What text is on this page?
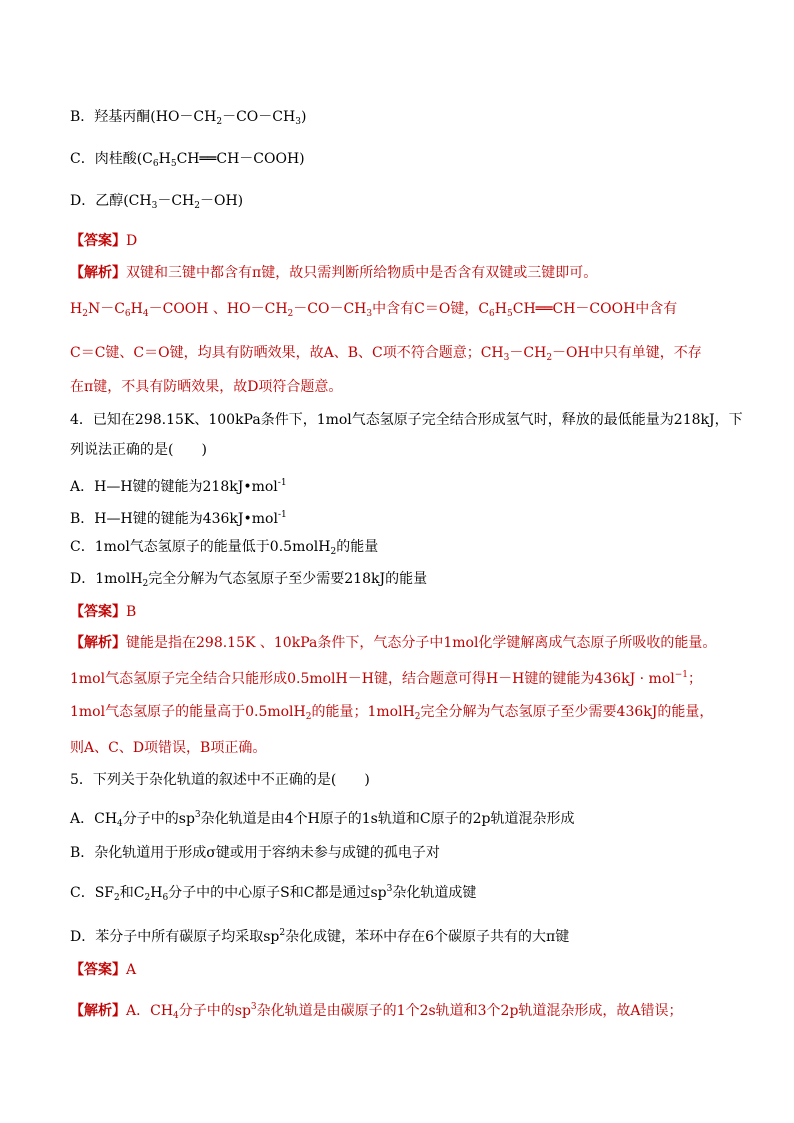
B．羟基丙酮$(HO-CH_2-CO-CH_3)$
C．肉桂酸$(C_6H_5CH══CH-COOH)$
D．乙醇$(CH_3-CH_2-OH)$
【答案】D
【解析】双键和三键中都含有π键，故只需判断所给物质中是否含有双键或三键即可。
$H_2N-C_6H_4-COOH$ 、$HO-CH_2-CO-CH_3$中含有C＝O键，$C_6H_5CH══CH-COOH$中含有
C＝C键、C＝O键，均具有防晒效果，故A、B、C项不符合题意；$CH_3-CH_2-OH$中只有单键，不存
在π键，不具有防晒效果，故D项符合题意。
4．已知在298.15K、100kPa条件下，1mol气态氢原子完全结合形成氢气时，释放的最低能量为218kJ，下
列说法正确的是(　　)
A．H—H键的键能为218kJ•mol$^{-1}$
B．H—H键的键能为436kJ•mol$^{-1}$
C．1mol气态氢原子的能量低于0.5molH$_2$的能量
D．1molH$_2$完全分解为气态氢原子至少需要218kJ的能量
【答案】B
【解析】键能是指在298.15K 、10kPa条件下，气态分子中1mol化学键解离成气态原子所吸收的能量。
1mol气态氢原子完全结合只能形成0.5molH－H键，结合题意可得H－H键的键能为436kJ · mol$^{-1}$；
1mol气态氢原子的能量高于0.5molH$_2$的能量；1molH$_2$完全分解为气态氢原子至少需要436kJ的能量，
则A、C、D项错误，B项正确。
5．下列关于杂化轨道的叙述中不正确的是(　　)
A．$CH_4$分子中的$sp^3$杂化轨道是由4个H原子的1s轨道和C原子的2p轨道混杂形成
B．杂化轨道用于形成σ键或用于容纳未参与成键的孤电子对
C．$SF_2$和$C_2H_6$分子中的中心原子S和C都是通过$sp^3$杂化轨道成键
D．苯分子中所有碳原子均采取$sp^2$杂化成键，苯环中存在6个碳原子共有的大π键
【答案】A
【解析】A．$CH_4$分子中的$sp^3$杂化轨道是由碳原子的1个2s轨道和3个2p轨道混杂形成，故A错误；
